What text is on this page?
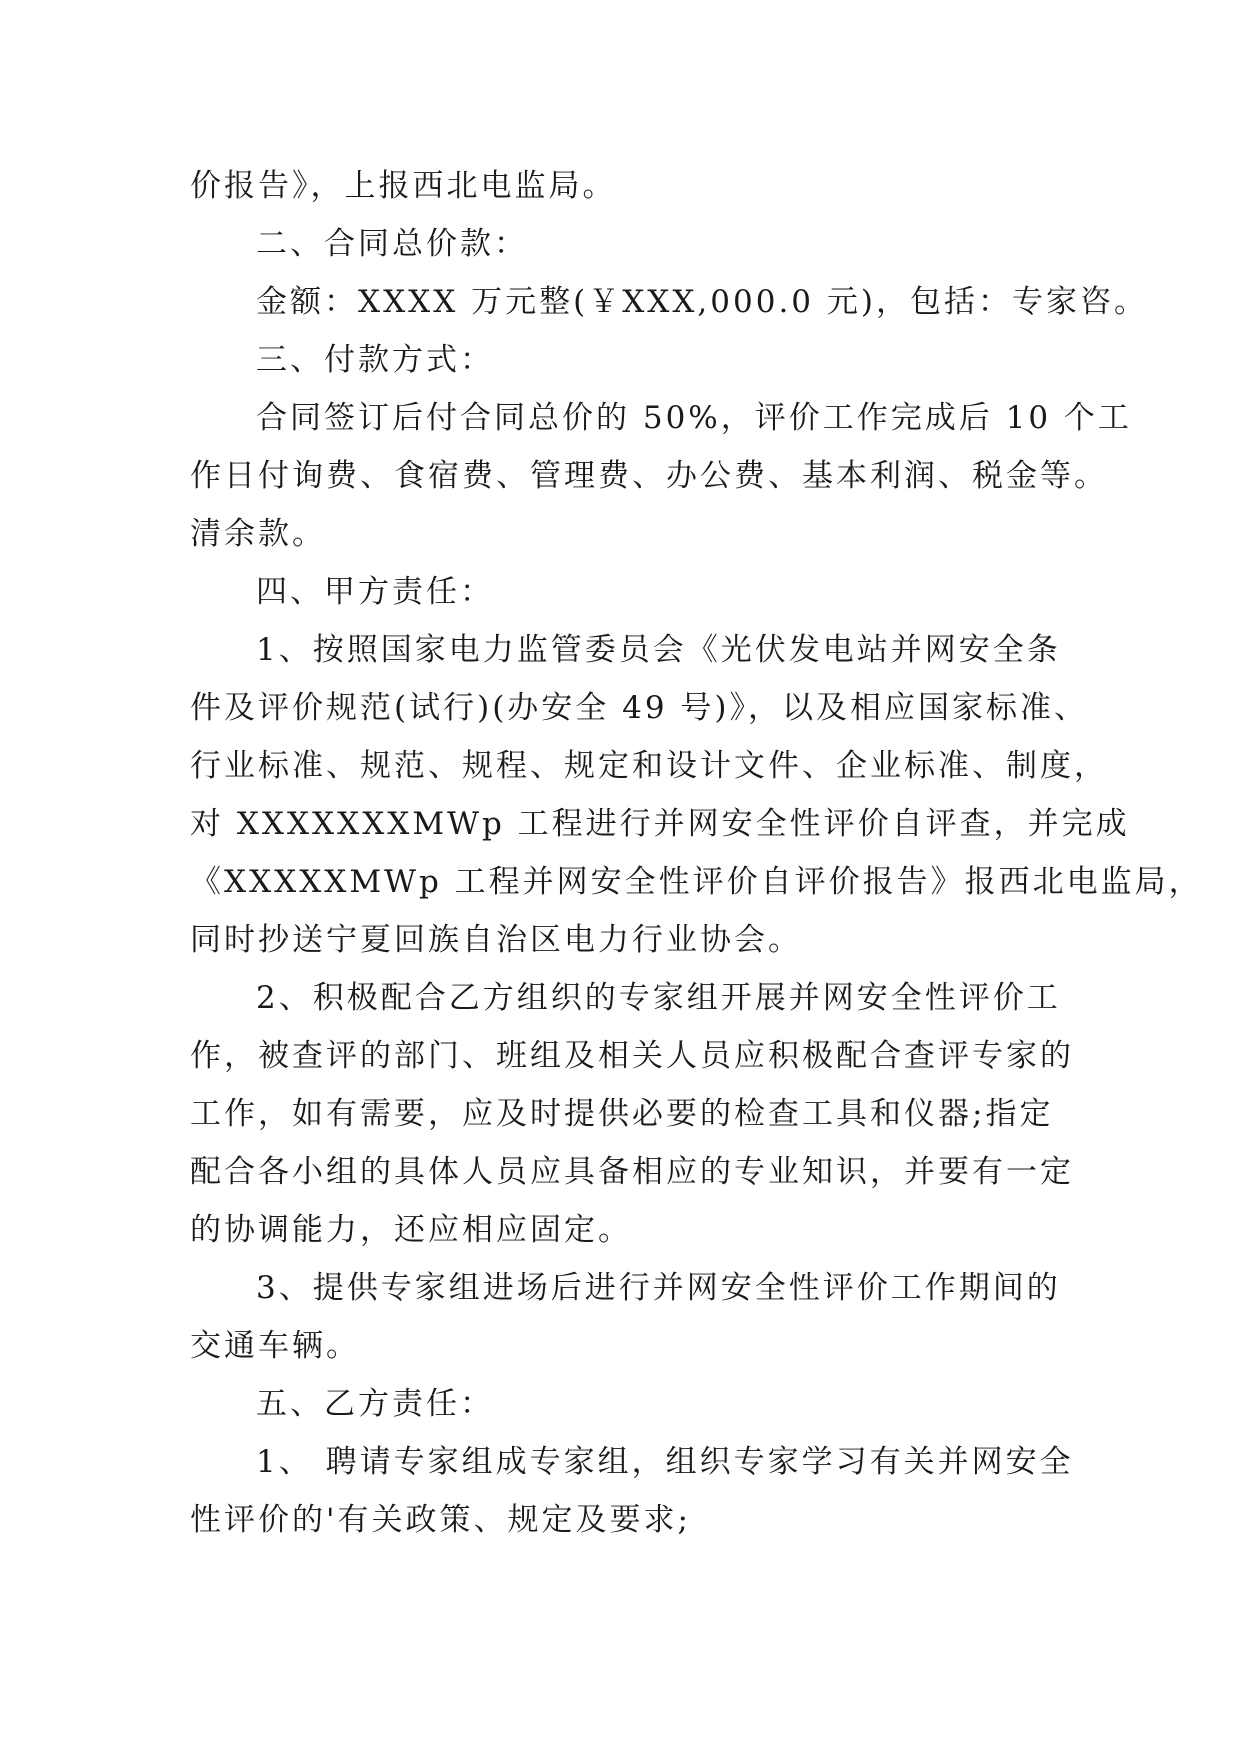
价报告》，上报西北电监局。
二、合同总价款：
金额：XXXX 万元整(￥XXX,000.0 元)，包括：专家咨。
三、付款方式：
合同签订后付合同总价的 50%，评价工作完成后 10 个工
作日付询费、食宿费、管理费、办公费、基本利润、税金等。
清余款。
四、甲方责任：
1、按照国家电力监管委员会《光伏发电站并网安全条
件及评价规范(试行)(办安全 49 号)》，以及相应国家标准、
行业标准、规范、规程、规定和设计文件、企业标准、制度，
对 XXXXXXXMWp 工程进行并网安全性评价自评查，并完成
《XXXXXMWp 工程并网安全性评价自评价报告》报西北电监局，
同时抄送宁夏回族自治区电力行业协会。
2、积极配合乙方组织的专家组开展并网安全性评价工
作，被查评的部门、班组及相关人员应积极配合查评专家的
工作，如有需要，应及时提供必要的检查工具和仪器;指定
配合各小组的具体人员应具备相应的专业知识，并要有一定
的协调能力，还应相应固定。
3、提供专家组进场后进行并网安全性评价工作期间的
交通车辆。
五、乙方责任：
1、 聘请专家组成专家组，组织专家学习有关并网安全
性评价的'有关政策、规定及要求;
